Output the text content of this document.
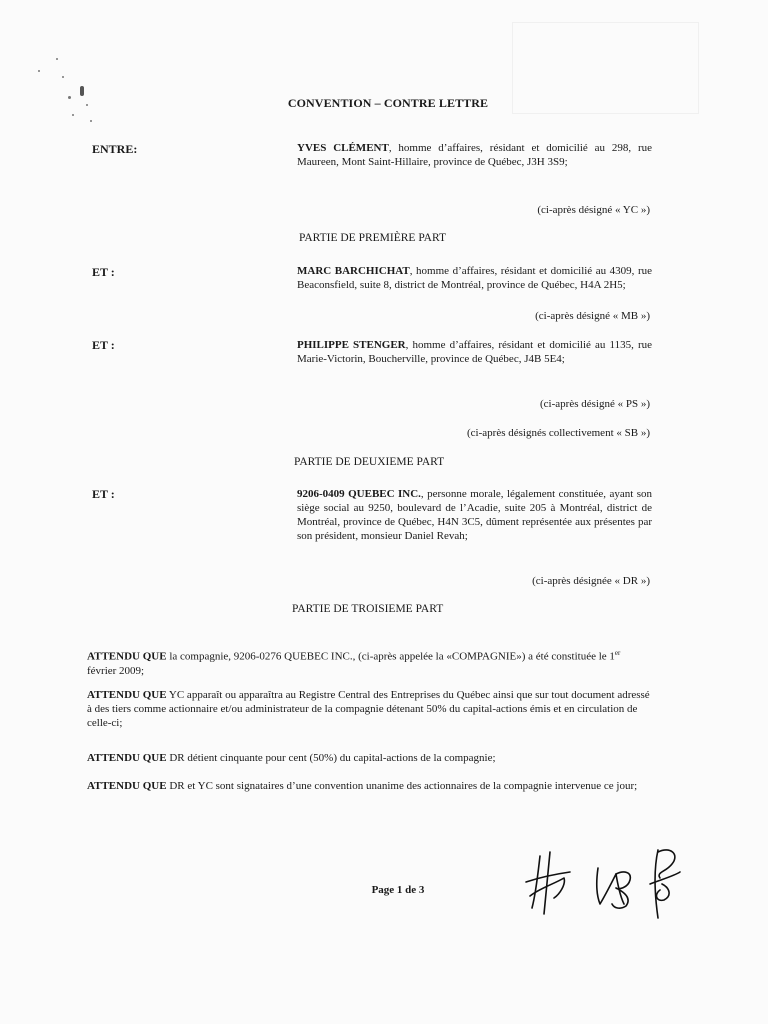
CONVENTION – CONTRE LETTRE
ENTRE:	YVES CLÉMENT, homme d’affaires, résidant et domicilié au 298, rue Maureen, Mont Saint-Hillaire, province de Québec, J3H 3S9;
(ci-après désigné « YC »)
PARTIE DE PREMIÈRE PART
ET :	MARC BARCHICHAT, homme d’affaires, résidant et domicilié au 4309, rue Beaconsfield, suite 8, district de Montréal, province de Québec, H4A 2H5;
(ci-après désigné « MB »)
ET :	PHILIPPE STENGER, homme d’affaires, résidant et domicilié au 1135, rue Marie-Victorin, Boucherville, province de Québec, J4B 5E4;
(ci-après désigné « PS »)
(ci-après désignés collectivement « SB »)
PARTIE DE DEUXIEME PART
ET :	9206-0409 QUEBEC INC., personne morale, légalement constituée, ayant son siège social au 9250, boulevard de l’Acadie, suite 205 à Montréal, district de Montréal, province de Québec, H4N 3C5, dûment représentée aux présentes par son président, monsieur Daniel Revah;
(ci-après désignée « DR »)
PARTIE DE TROISIEME PART
ATTENDU QUE la compagnie, 9206-0276 QUEBEC INC., (ci-après appelée la «COMPAGNIE») a été constituée le 1er février 2009;
ATTENDU QUE YC apparaît ou apparaîtra au Registre Central des Entreprises du Québec ainsi que sur tout document adressé à des tiers comme actionnaire et/ou administrateur de la compagnie détenant 50% du capital-actions émis et en circulation de celle-ci;
ATTENDU QUE DR détient cinquante pour cent (50%) du capital-actions de la compagnie;
ATTENDU QUE DR et YC sont signataires d’une convention unanime des actionnaires de la compagnie intervenue ce jour;
Page 1 de 3
